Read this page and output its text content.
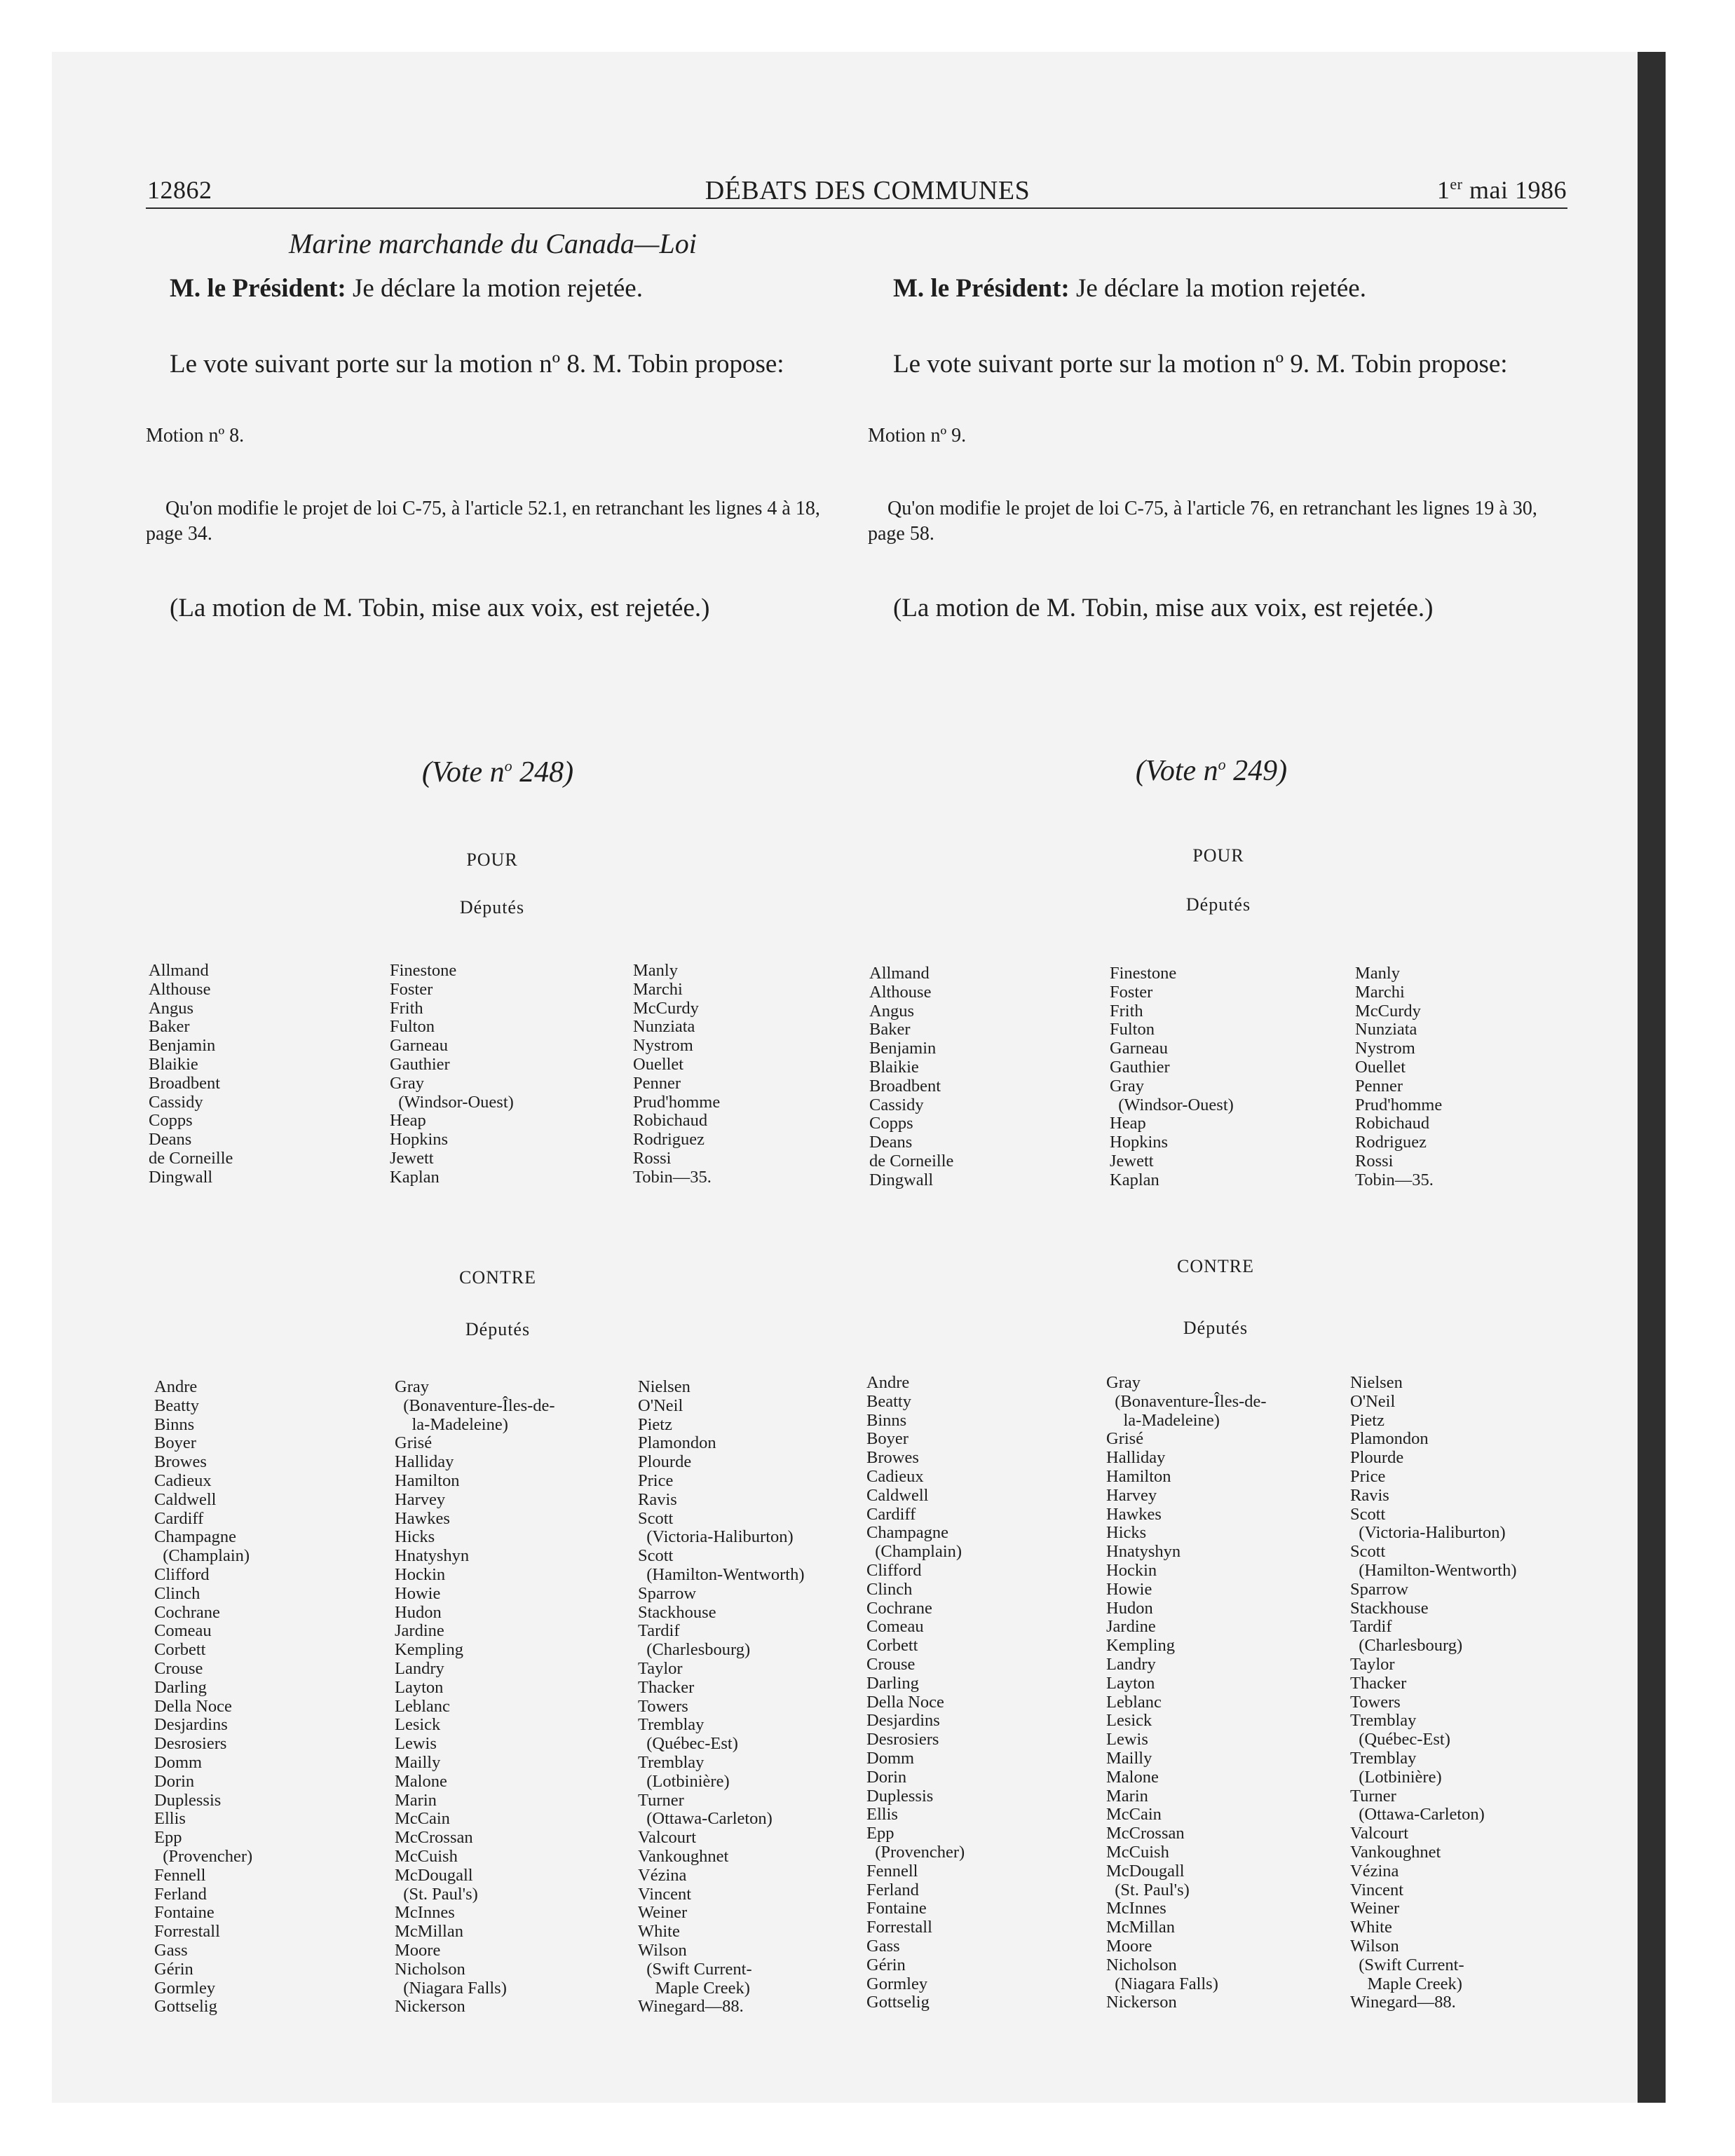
12862	DÉBATS DES COMMUNES	1er mai 1986
Marine marchande du Canada—Loi
M. le Président: Je déclare la motion rejetée.
Le vote suivant porte sur la motion nº 8. M. Tobin propose:
Motion nº 8.
Qu'on modifie le projet de loi C-75, à l'article 52.1, en retranchant les lignes 4 à 18, page 34.
(La motion de M. Tobin, mise aux voix, est rejetée.)
(Vote $n^o$ 248)
POUR
Députés
Allmand
Althouse
Angus
Baker
Benjamin
Blaikie
Broadbent
Cassidy
Copps
Deans
de Corneille
Dingwall
Finestone
Foster
Frith
Fulton
Garneau
Gauthier
Gray
(Windsor-Ouest)
Heap
Hopkins
Jewett
Kaplan
Manly
Marchi
McCurdy
Nunziata
Nystrom
Ouellet
Penner
Prud'homme
Robichaud
Rodriguez
Rossi
Tobin—35.
CONTRE
Députés
Andre
Beatty
Binns
Boyer
Browes
Cadieux
Caldwell
Cardiff
Champagne
(Champlain)
Clifford
Clinch
Cochrane
Comeau
Corbett
Crouse
Darling
Della Noce
Desjardins
Desrosiers
Domm
Dorin
Duplessis
Ellis
Epp
(Provencher)
Fennell
Ferland
Fontaine
Forrestall
Gass
Gérin
Gormley
Gottselig
Gray
(Bonaventure-Îles-de-
la-Madeleine)
Grisé
Halliday
Hamilton
Harvey
Hawkes
Hicks
Hnatyshyn
Hockin
Howie
Hudon
Jardine
Kempling
Landry
Layton
Leblanc
Lesick
Lewis
Mailly
Malone
Marin
McCain
McCrossan
McCuish
McDougall
(St. Paul's)
McInnes
McMillan
Moore
Nicholson
(Niagara Falls)
Nickerson
Nielsen
O'Neil
Pietz
Plamondon
Plourde
Price
Ravis
Scott
(Victoria-Haliburton)
Scott
(Hamilton-Wentworth)
Sparrow
Stackhouse
Tardif
(Charlesbourg)
Taylor
Thacker
Towers
Tremblay
(Québec-Est)
Tremblay
(Lotbinière)
Turner
(Ottawa-Carleton)
Valcourt
Vankoughnet
Vézina
Vincent
Weiner
White
Wilson
(Swift Current-
Maple Creek)
Winegard—88.
M. le Président: Je déclare la motion rejetée.
Le vote suivant porte sur la motion nº 9. M. Tobin propose:
Motion nº 9.
Qu'on modifie le projet de loi C-75, à l'article 76, en retranchant les lignes 19 à 30, page 58.
(La motion de M. Tobin, mise aux voix, est rejetée.)
(Vote $n^o$ 249)
POUR
Députés
Allmand
Althouse
Angus
Baker
Benjamin
Blaikie
Broadbent
Cassidy
Copps
Deans
de Corneille
Dingwall
Finestone
Foster
Frith
Fulton
Garneau
Gauthier
Gray
(Windsor-Ouest)
Heap
Hopkins
Jewett
Kaplan
Manly
Marchi
McCurdy
Nunziata
Nystrom
Ouellet
Penner
Prud'homme
Robichaud
Rodriguez
Rossi
Tobin—35.
CONTRE
Députés
Andre
Beatty
Binns
Boyer
Browes
Cadieux
Caldwell
Cardiff
Champagne
(Champlain)
Clifford
Clinch
Cochrane
Comeau
Corbett
Crouse
Darling
Della Noce
Desjardins
Desrosiers
Domm
Dorin
Duplessis
Ellis
Epp
(Provencher)
Fennell
Ferland
Fontaine
Forrestall
Gass
Gérin
Gormley
Gottselig
Gray
(Bonaventure-Îles-de-
la-Madeleine)
Grisé
Halliday
Hamilton
Harvey
Hawkes
Hicks
Hnatyshyn
Hockin
Howie
Hudon
Jardine
Kempling
Landry
Layton
Leblanc
Lesick
Lewis
Mailly
Malone
Marin
McCain
McCrossan
McCuish
McDougall
(St. Paul's)
McInnes
McMillan
Moore
Nicholson
(Niagara Falls)
Nickerson
Nielsen
O'Neil
Pietz
Plamondon
Plourde
Price
Ravis
Scott
(Victoria-Haliburton)
Scott
(Hamilton-Wentworth)
Sparrow
Stackhouse
Tardif
(Charlesbourg)
Taylor
Thacker
Towers
Tremblay
(Québec-Est)
Tremblay
(Lotbinière)
Turner
(Ottawa-Carleton)
Valcourt
Vankoughnet
Vézina
Vincent
Weiner
White
Wilson
(Swift Current-
Maple Creek)
Winegard—88.
